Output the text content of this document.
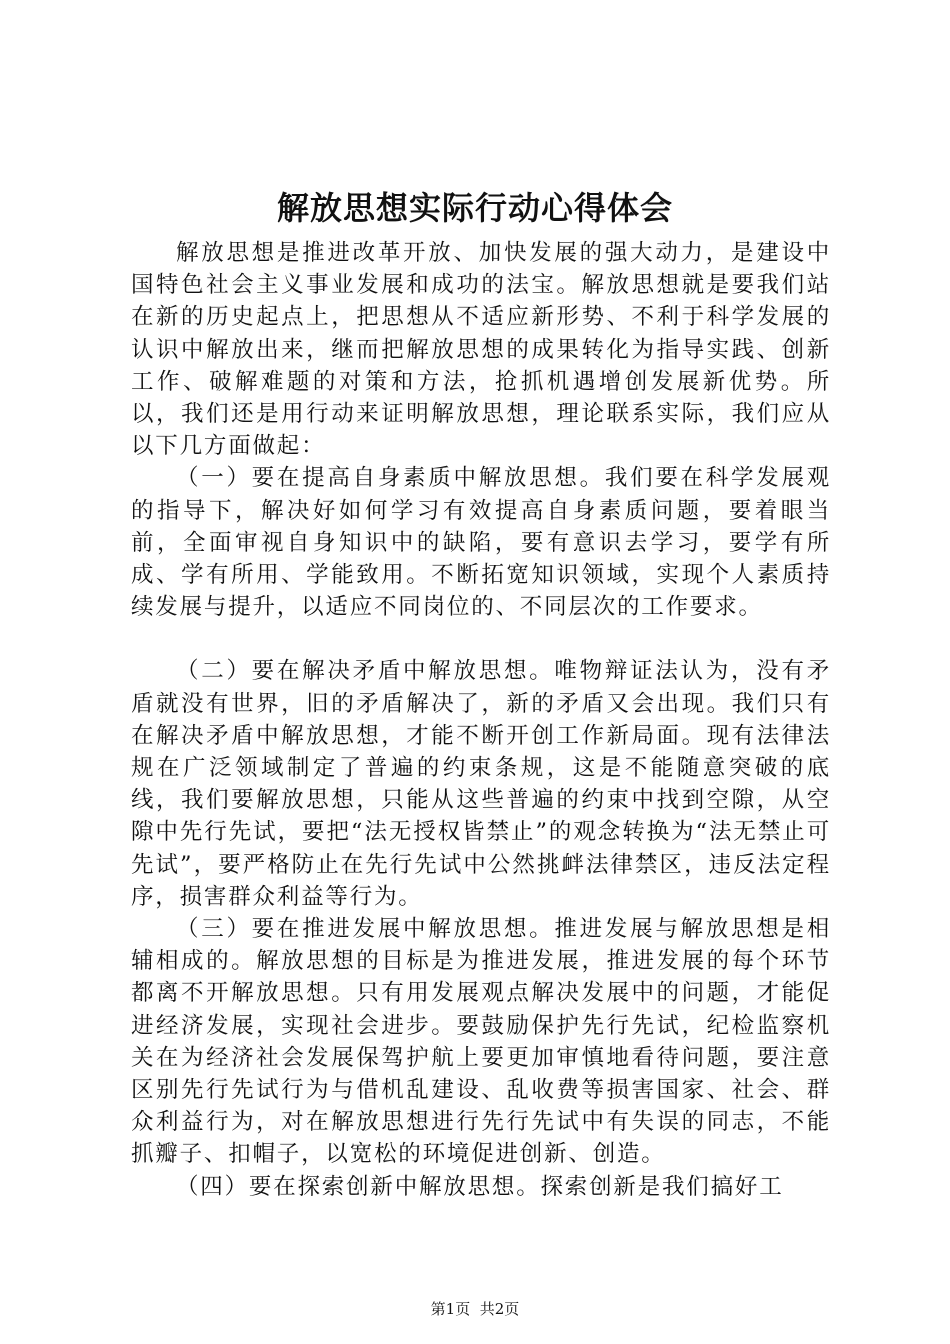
解放思想实际行动心得体会

解放思想是推进改革开放、加快发展的强大动力，是建设中国特色社会主义事业发展和成功的法宝。解放思想就是要我们站在新的历史起点上，把思想从不适应新形势、不利于科学发展的认识中解放出来，继而把解放思想的成果转化为指导实践、创新工作、破解难题的对策和方法，抢抓机遇增创发展新优势。所以，我们还是用行动来证明解放思想，理论联系实际，我们应从以下几方面做起：

（一）要在提高自身素质中解放思想。我们要在科学发展观的指导下，解决好如何学习有效提高自身素质问题，要着眼当前，全面审视自身知识中的缺陷，要有意识去学习，要学有所成、学有所用、学能致用。不断拓宽知识领域，实现个人素质持续发展与提升，以适应不同岗位的、不同层次的工作要求。

（二）要在解决矛盾中解放思想。唯物辩证法认为，没有矛盾就没有世界，旧的矛盾解决了，新的矛盾又会出现。我们只有在解决矛盾中解放思想，才能不断开创工作新局面。现有法律法规在广泛领域制定了普遍的约束条规，这是不能随意突破的底线，我们要解放思想，只能从这些普遍的约束中找到空隙，从空隙中先行先试，要把“法无授权皆禁止”的观念转换为“法无禁止可先试”，要严格防止在先行先试中公然挑衅法律禁区，违反法定程序，损害群众利益等行为。

（三）要在推进发展中解放思想。推进发展与解放思想是相辅相成的。解放思想的目标是为推进发展，推进发展的每个环节都离不开解放思想。只有用发展观点解决发展中的问题，才能促进经济发展，实现社会进步。要鼓励保护先行先试，纪检监察机关在为经济社会发展保驾护航上要更加审慎地看待问题，要注意区别先行先试行为与借机乱建设、乱收费等损害国家、社会、群众利益行为，对在解放思想进行先行先试中有失误的同志，不能抓瓣子、扣帽子，以宽松的环境促进创新、创造。

（四）要在探索创新中解放思想。探索创新是我们搞好工

第1页 共2页
